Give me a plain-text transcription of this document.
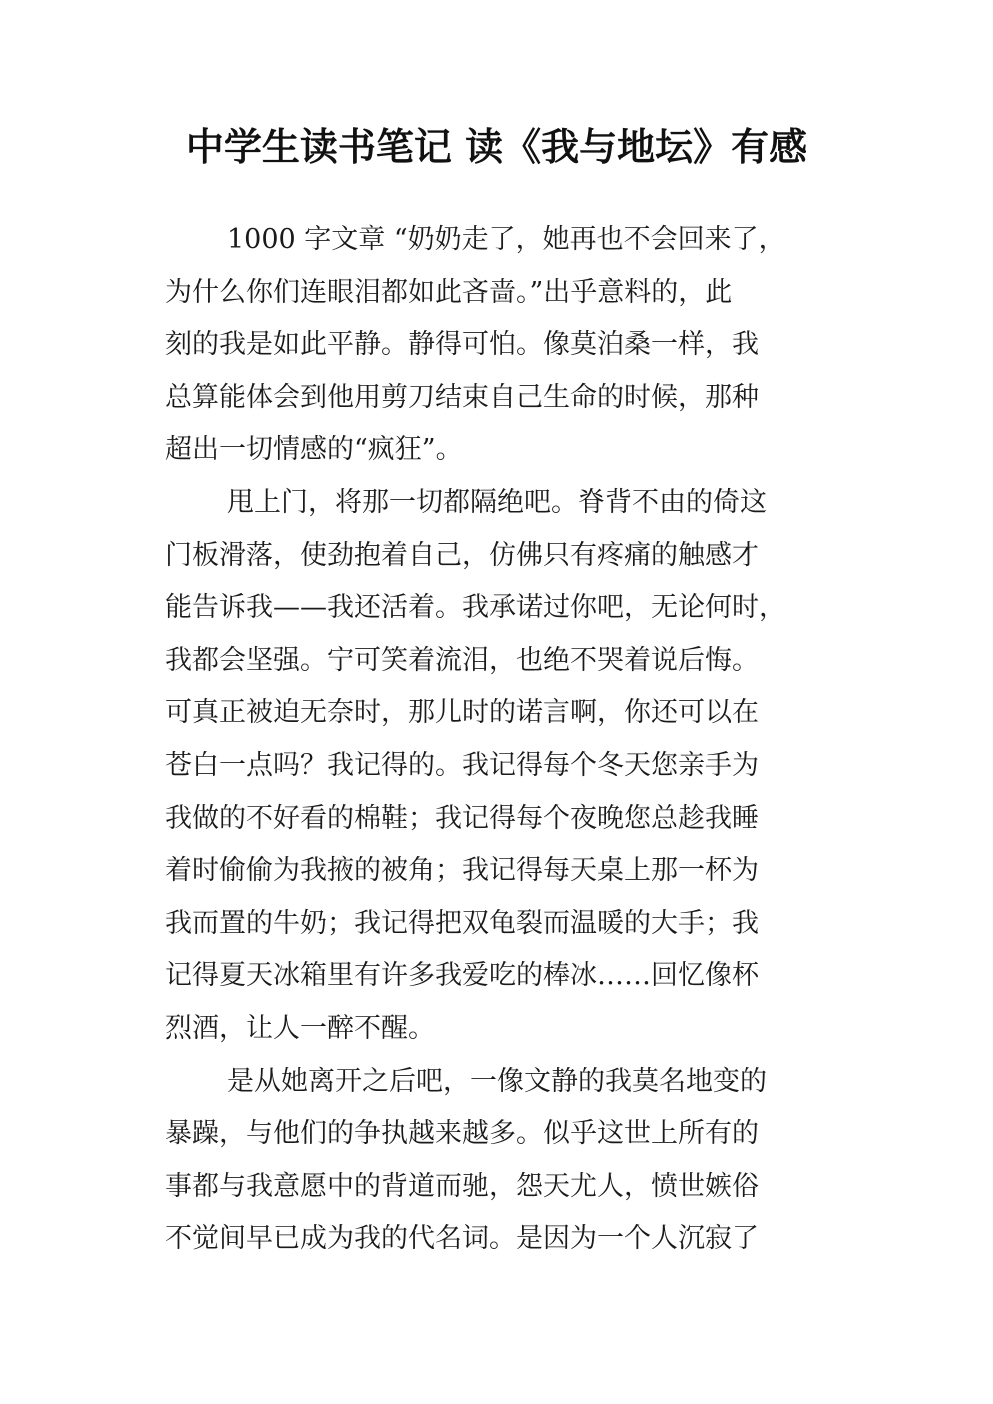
中学生读书笔记 读《我与地坛》有感
1000 字文章 “奶奶走了，她再也不会回来了，
为什么你们连眼泪都如此吝啬。”出乎意料的，此
刻的我是如此平静。静得可怕。像莫泊桑一样，我
总算能体会到他用剪刀结束自己生命的时候，那种
超出一切情感的“疯狂”。
甩上门，将那一切都隔绝吧。脊背不由的倚这
门板滑落，使劲抱着自己，仿佛只有疼痛的触感才
能告诉我——我还活着。我承诺过你吧，无论何时，
我都会坚强。宁可笑着流泪，也绝不哭着说后悔。
可真正被迫无奈时，那儿时的诺言啊，你还可以在
苍白一点吗？我记得的。我记得每个冬天您亲手为
我做的不好看的棉鞋；我记得每个夜晚您总趁我睡
着时偷偷为我掖的被角；我记得每天桌上那一杯为
我而置的牛奶；我记得把双龟裂而温暖的大手；我
记得夏天冰箱里有许多我爱吃的棒冰……回忆像杯
烈酒，让人一醉不醒。
是从她离开之后吧，一像文静的我莫名地变的
暴躁，与他们的争执越来越多。似乎这世上所有的
事都与我意愿中的背道而驰，怨天尤人，愤世嫉俗
不觉间早已成为我的代名词。是因为一个人沉寂了
